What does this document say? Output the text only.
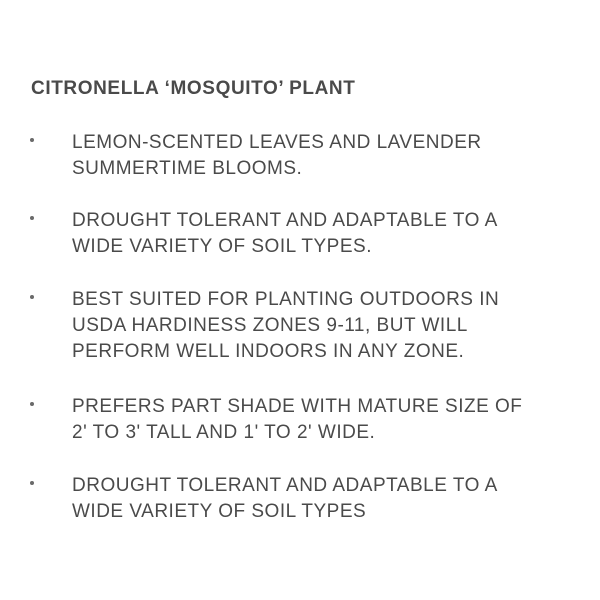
CITRONELLA ‘MOSQUITO’ PLANT
LEMON-SCENTED LEAVES AND LAVENDER
SUMMERTIME BLOOMS.
DROUGHT TOLERANT AND ADAPTABLE TO A
WIDE VARIETY OF SOIL TYPES.
BEST SUITED FOR PLANTING OUTDOORS IN
USDA HARDINESS ZONES 9-11, BUT WILL
PERFORM WELL INDOORS IN ANY ZONE.
PREFERS PART SHADE WITH MATURE SIZE OF
2' TO 3' TALL AND 1' TO 2' WIDE.
DROUGHT TOLERANT AND ADAPTABLE TO A
WIDE VARIETY OF SOIL TYPES
